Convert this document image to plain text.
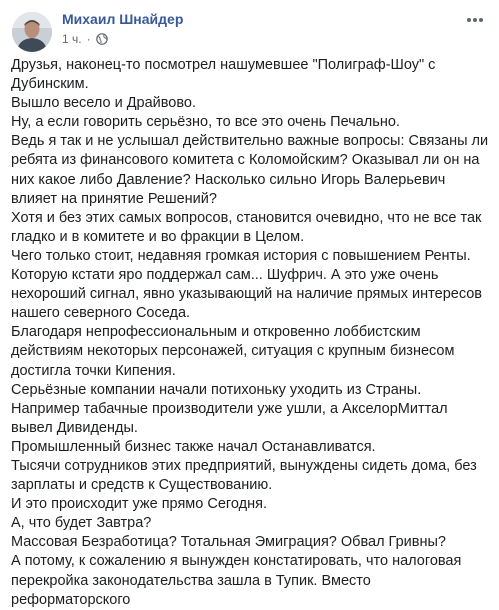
Михаил Шнайдер
1 ч. ·

Друзья, наконец-то посмотрел нашумевшее "Полиграф-Шоу" с Дубинским.

Вышло весело и Драйвово.

Ну, а если говорить серьёзно, то все это очень Печально.

Ведь я так и не услышал действительно важные вопросы: Связаны ли ребята из финансового комитета с Коломойским? Оказывал ли он на них какое либо Давление? Насколько сильно Игорь Валерьевич влияет на принятие Решений?

Хотя и без этих самых вопросов, становится очевидно, что не все так гладко и в комитете и во фракции в Целом.

Чего только стоит, недавняя громкая история с повышением Ренты. Которую кстати яро поддержал сам... Шуфрич. А это уже очень нехороший сигнал, явно указывающий на наличие прямых интересов нашего северного Соседа.

Благодаря непрофессиональным и откровенно лоббистским действиям некоторых персонажей, ситуация с крупным бизнесом достигла точки Кипения.

Серьёзные компании начали потихоньку уходить из Страны. Например табачные производители уже ушли, а АкселорМиттал вывел Дивиденды.

Промышленный бизнес также начал Останавливатся.

Тысячи сотрудников этих предприятий, вынуждены сидеть дома, без зарплаты и средств к Существованию.

И это происходит уже прямо Сегодня.

А, что будет Завтра?

Массовая Безработица? Тотальная Эмиграция? Обвал Гривны?

А потому, к сожалению я вынужден констатировать, что налоговая перекройка законодательства зашла в Тупик. Вместо реформаторского
